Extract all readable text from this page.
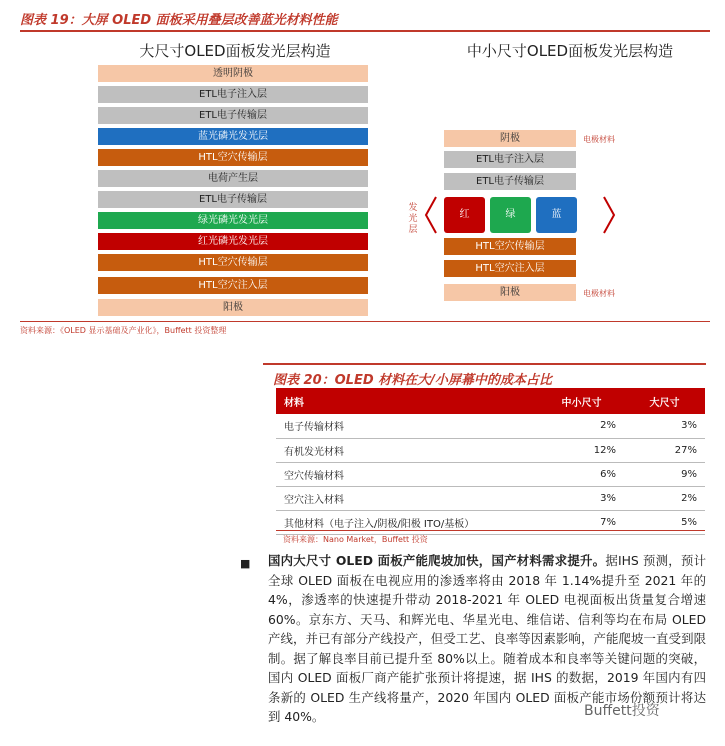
图表 19：大屏 OLED 面板采用叠层改善蓝光材料性能
大尺寸OLED面板发光层构造	中小尺寸OLED面板发光层构造
透明阴极
ETL电子注入层
ETL电子传输层
蓝光磷光发光层
HTL空穴传输层
电荷产生层
ETL电子传输层
绿光磷光发光层
红光磷光发光层
HTL空穴传输层
HTL空穴注入层
阳极
阴极	电极材料
ETL电子注入层
ETL电子传输层
发光层
红	绿	蓝
HTL空穴传输层
HTL空穴注入层
阳极	电极材料
资料来源：《OLED 显示基础及产业化》，Buffett 投资整理
图表 20：OLED 材料在大/小屏幕中的成本占比
材料	中小尺寸	大尺寸
电子传输材料	2%	3%
有机发光材料	12%	27%
空穴传输材料	6%	9%
空穴注入材料	3%	2%
其他材料（电子注入/阴极/阳极 ITO/基板）	7%	5%
资料来源：Nano Market，Buffett 投资
■ 国内大尺寸 OLED 面板产能爬坡加快，国产材料需求提升。据IHS 预测，预计全球 OLED 面板在电视应用的渗透率将由 2018 年 1.14%提升至 2021 年的 4%，渗透率的快速提升带动 2018-2021 年 OLED 电视面板出货量复合增速 60%。京东方、天马、和辉光电、华星光电、维信诺、信利等均在布局 OLED 产线，并已有部分产线投产，但受工艺、良率等因素影响，产能爬坡一直受到限制。据了解良率目前已提升至 80%以上。随着成本和良率等关键问题的突破，国内 OLED 面板厂商产能扩张预计将提速，据 IHS 的数据，2019 年国内有四条新的 OLED 生产线将量产，2020 年国内 OLED 面板产能市场份额预计将达到 40%。	Buffett投资
